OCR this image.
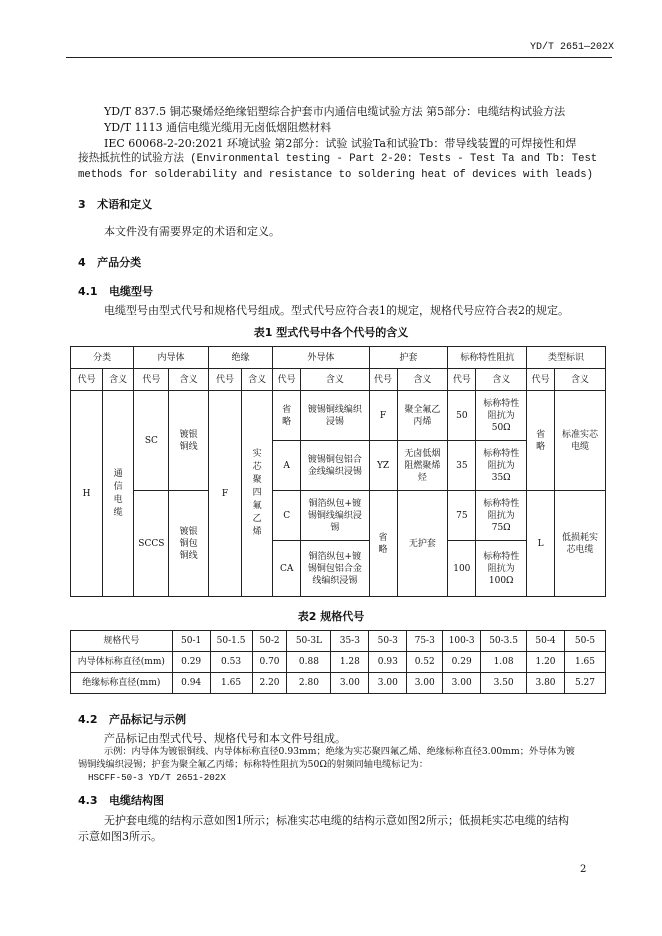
YD/T 2651—202X
YD/T 837.5 铜芯聚烯烃绝缘铝塑综合护套市内通信电缆试验方法 第5部分：电缆结构试验方法
YD/T 1113 通信电缆光缆用无卤低烟阻燃材料
IEC 60068-2-20:2021 环境试验 第2部分：试验 试验Ta和试验Tb：带导线装置的可焊接性和焊
接热抵抗性的试验方法 (Environmental testing - Part 2-20: Tests - Test Ta and Tb: Test
methods for solderability and resistance to soldering heat of devices with leads)
3 术语和定义
本文件没有需要界定的术语和定义。
4 产品分类
4.1 电缆型号
电缆型号由型式代号和规格代号组成。型式代号应符合表1的规定，规格代号应符合表2的规定。
表1 型式代号中各个代号的含义
分类		内导体		绝缘		外导体		护套		标称特性阻抗		类型标识	
代号	含义	代号	含义	代号	含义	代号	含义	代号	含义	代号	含义	代号	含义
H	通信电缆	SC	镀银铜线	F	实芯聚四氟乙烯	省略	镀锡铜线编织浸锡	F	聚全氟乙丙烯	50	标称特性阻抗为50Ω	省略	标准实芯电缆
						A	镀锡铜包铝合金线编织浸锡	YZ	无卤低烟阻燃聚烯烃	35	标称特性阻抗为35Ω		
		SCCS	镀银铜包铜线			C	铜箔纵包+镀锡铜线编织浸锡	省略	无护套	75	标称特性阻抗为75Ω	L	低损耗实芯电缆
						CA	铜箔纵包+镀锡铜包铝合金线编织浸锡			100	标称特性阻抗为100Ω		
表2 规格代号
规格代号	50-1	50-1.5	50-2	50-3L	35-3	50-3	75-3	100-3	50-3.5	50-4	50-5
内导体标称直径(mm)	0.29	0.53	0.70	0.88	1.28	0.93	0.52	0.29	1.08	1.20	1.65
绝缘标称直径(mm)	0.94	1.65	2.20	2.80	3.00	3.00	3.00	3.00	3.50	3.80	5.27
4.2 产品标记与示例
产品标记由型式代号、规格代号和本文件号组成。
示例：内导体为镀银铜线、内导体标称直径0.93mm；绝缘为实芯聚四氟乙烯、绝缘标称直径3.00mm；外导体为镀
锡铜线编织浸锡；护套为聚全氟乙丙烯；标称特性阻抗为50Ω的射频同轴电缆标记为：
HSCFF-50-3 YD/T 2651-202X
4.3 电缆结构图
无护套电缆的结构示意如图1所示；标准实芯电缆的结构示意如图2所示；低损耗实芯电缆的结构
示意如图3所示。
2
